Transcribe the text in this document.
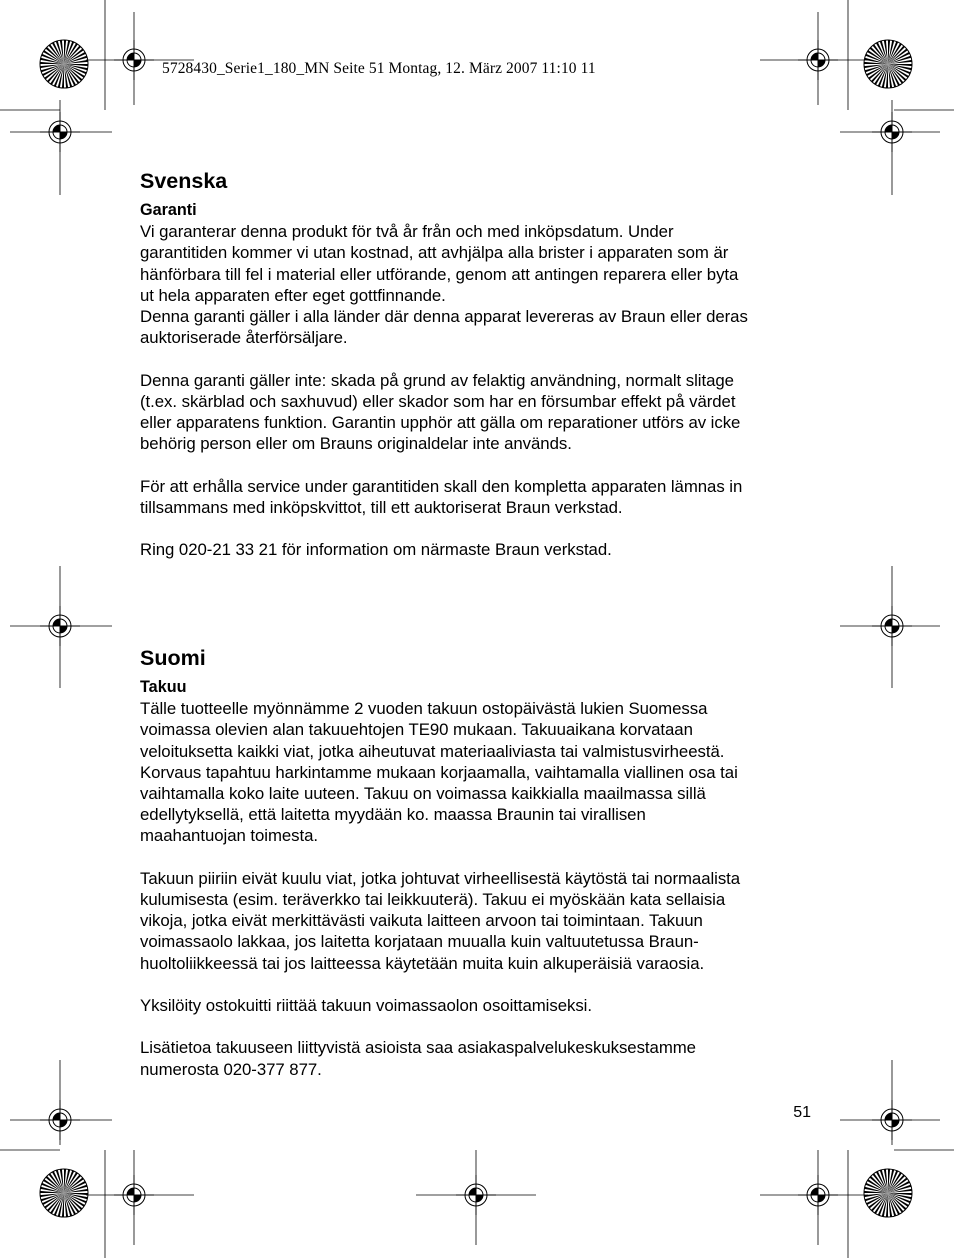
5728430_Serie1_180_MN Seite 51 Montag, 12. März 2007 11:10 11
Svenska
Garanti

Vi garanterar denna produkt för två år från och med inköpsdatum. Under
garantitiden kommer vi utan kostnad, att avhjälpa alla brister i apparaten som är
hänförbara till fel i material eller utförande, genom att antingen reparera eller byta
ut hela apparaten efter eget gottfinnande.
Denna garanti gäller i alla länder där denna apparat levereras av Braun eller deras
auktoriserade återförsäljare.

Denna garanti gäller inte: skada på grund av felaktig användning, normalt slitage
(t.ex. skärblad och saxhuvud) eller skador som har en försumbar effekt på värdet
eller apparatens funktion. Garantin upphör att gälla om reparationer utförs av icke
behörig person eller om Brauns originaldelar inte används.

För att erhålla service under garantitiden skall den kompletta apparaten lämnas in
tillsammans med inköpskvittot, till ett auktoriserat Braun verkstad.

Ring 020-21 33 21 för information om närmaste Braun verkstad.

Suomi
Takuu

Tälle tuotteelle myönnämme 2 vuoden takuun ostopäivästä lukien Suomessa
voimassa olevien alan takuuehtojen TE90 mukaan. Takuuaikana korvataan
veloituksetta kaikki viat, jotka aiheutuvat materiaaliviasta tai valmistusvirheestä.
Korvaus tapahtuu harkintamme mukaan korjaamalla, vaihtamalla viallinen osa tai
vaihtamalla koko laite uuteen. Takuu on voimassa kaikkialla maailmassa sillä
edellytyksellä, että laitetta myydään ko. maassa Braunin tai virallisen
maahantuojan toimesta.

Takuun piiriin eivät kuulu viat, jotka johtuvat virheellisestä käytöstä tai normaalista
kulumisesta (esim. teräverkko tai leikkuuterä). Takuu ei myöskään kata sellaisia
vikoja, jotka eivät merkittävästi vaikuta laitteen arvoon tai toimintaan. Takuun
voimassaolo lakkaa, jos laitetta korjataan muualla kuin valtuutetussa Braun-
huoltoliikkeessä tai jos laitteessa käytetään muita kuin alkuperäisiä varaosia.

Yksilöity ostokuitti riittää takuun voimassaolon osoittamiseksi.

Lisätietoa takuuseen liittyvistä asioista saa asiakaspalvelukeskuksestamme
numerosta 020-377 877.

51
